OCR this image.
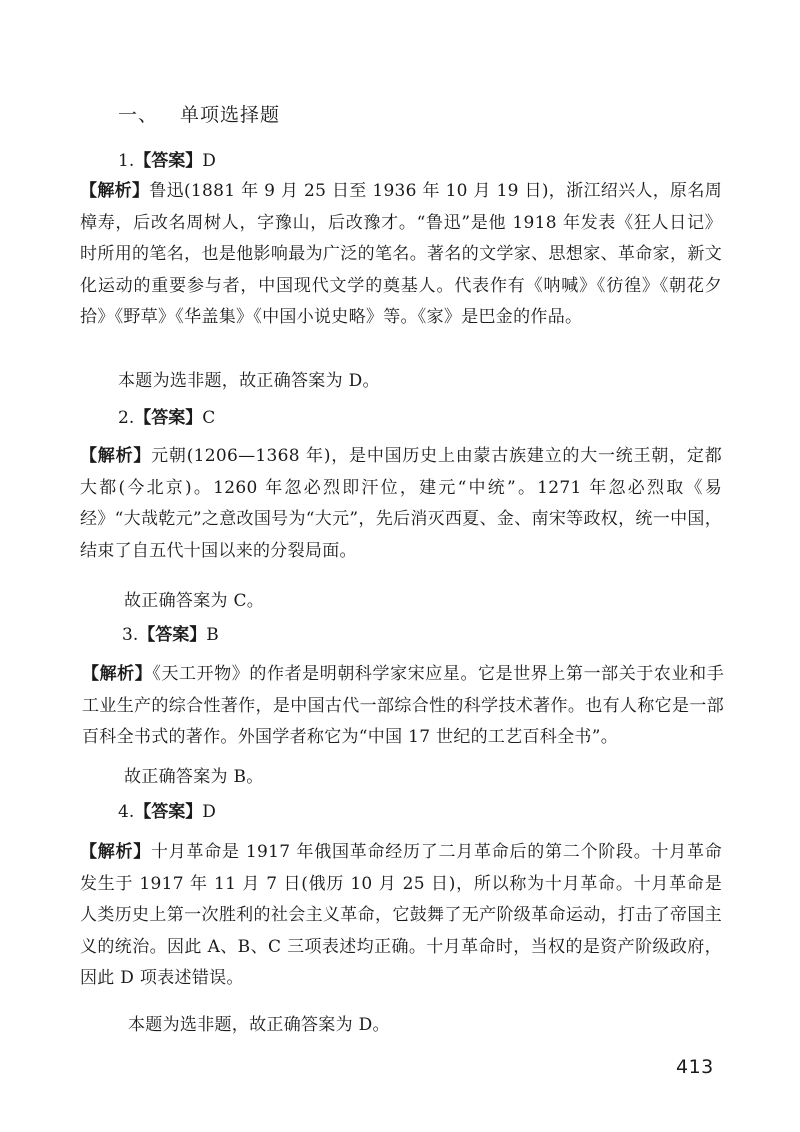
一、 单项选择题
1.【答案】D

【解析】鲁迅(1881 年 9 月 25 日至 1936 年 10 月 19 日)，浙江绍兴人，原名周樟寿，后改名周树人，字豫山，后改豫才。“鲁迅”是他 1918 年发表《狂人日记》时所用的笔名，也是他影响最为广泛的笔名。著名的文学家、思想家、革命家，新文化运动的重要参与者，中国现代文学的奠基人。代表作有《呐喊》《彷徨》《朝花夕拾》《野草》《华盖集》《中国小说史略》等。《家》是巴金的作品。

本题为选非题，故正确答案为 D。

2.【答案】C

【解析】元朝(1206—1368 年)，是中国历史上由蒙古族建立的大一统王朝，定都大都(今北京)。1260 年忽必烈即汗位，建元“中统”。1271 年忽必烈取《易经》“大哉乾元”之意改国号为“大元”，先后消灭西夏、金、南宋等政权，统一中国，结束了自五代十国以来的分裂局面。

故正确答案为 C。

3.【答案】B

【解析】《天工开物》的作者是明朝科学家宋应星。它是世界上第一部关于农业和手工业生产的综合性著作，是中国古代一部综合性的科学技术著作。也有人称它是一部百科全书式的著作。外国学者称它为“中国 17 世纪的工艺百科全书”。

故正确答案为 B。

4.【答案】D

【解析】十月革命是 1917 年俄国革命经历了二月革命后的第二个阶段。十月革命发生于 1917 年 11 月 7 日(俄历 10 月 25 日)，所以称为十月革命。十月革命是人类历史上第一次胜利的社会主义革命，它鼓舞了无产阶级革命运动，打击了帝国主义的统治。因此 A、B、C 三项表述均正确。十月革命时，当权的是资产阶级政府，因此 D 项表述错误。

本题为选非题，故正确答案为 D。

413
